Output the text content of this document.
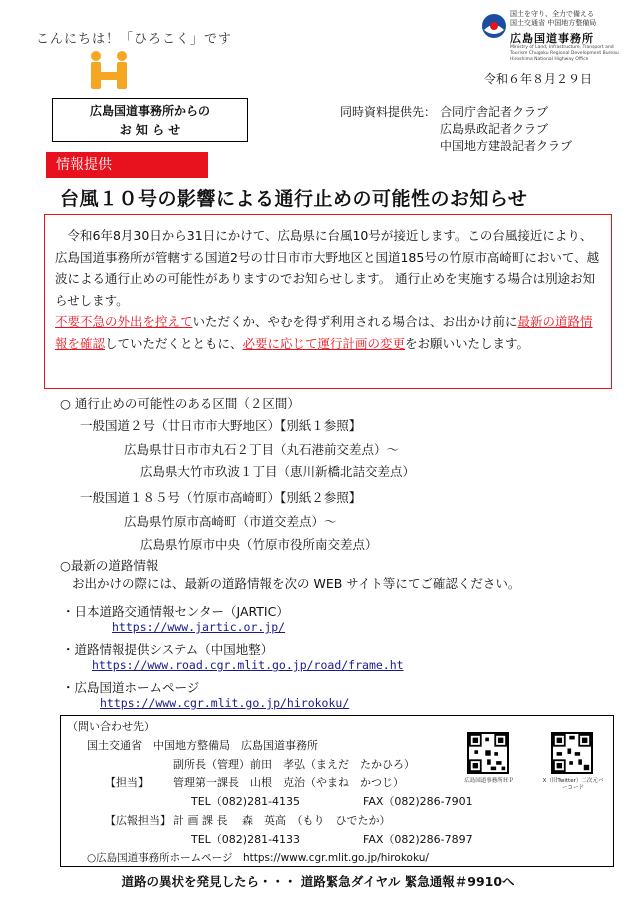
こんにちは！「ひろこく」です
国土を守り、全力で備える
国土交通省 中国地方整備局
広島国道事務所
Ministry of Land, Infrastructure, Transport and Tourism Chugoku Regional Development Bureau Hiroshima National Highway Office
令和６年８月２９日
広島国道事務所からの
お 知 ら せ
同時資料提供先： 合同庁舎記者クラブ
広島県政記者クラブ
中国地方建設記者クラブ
情報提供
台風１０号の影響による通行止めの可能性のお知らせ

令和6年8月30日から31日にかけて、広島県に台風10号が接近します。この台風接近により、広島国道事務所が管轄する国道2号の廿日市市大野地区と国道185号の竹原市高崎町において、越波による通行止めの可能性がありますのでお知らせします。 通行止めを実施する場合は別途お知らせします。

不要不急の外出を控えていただくか、やむを得ず利用される場合は、お出かけ前に最新の道路情報を確認していただくとともに、必要に応じて運行計画の変更をお願いいたします。

○ 通行止めの可能性のある区間（２区間）
一般国道２号（廿日市市大野地区）【別紙１参照】
広島県廿日市市丸石２丁目（丸石港前交差点）～
広島県大竹市玖波１丁目（恵川新橋北詰交差点）
一般国道１８５号（竹原市高崎町）【別紙２参照】
広島県竹原市高崎町（市道交差点）～
広島県竹原市中央（竹原市役所南交差点）
○最新の道路情報
お出かけの際には、最新の道路情報を次の WEB サイト等にてご確認ください。
・日本道路交通情報センター（JARTIC）
https://www.jartic.or.jp/
・道路情報提供システム（中国地整）
https://www.road.cgr.mlit.go.jp/road/frame.ht
・広島国道ホームページ
https://www.cgr.mlit.go.jp/hirokoku/
（問い合わせ先）
国土交通省　中国地方整備局　広島国道事務所
副所長（管理）前田　孝弘（まえだ　たかひろ）
【担当】 管理第一課長　山根　克治（やまね　かつじ）
TEL（082)281-4135	FAX（082)286-7901
【広報担当】 計 画 課 長　 森　英高　（もり　ひでたか）
TEL（082)281-4133	FAX（082)286-7897
○広島国道事務所ホームページ　https://www.cgr.mlit.go.jp/hirokoku/
広島国道事務所ＨＰ	X（旧Twitter）二次元バーコード
道路の異状を発見したら・・・ 道路緊急ダイヤル 緊急通報＃9910へ
